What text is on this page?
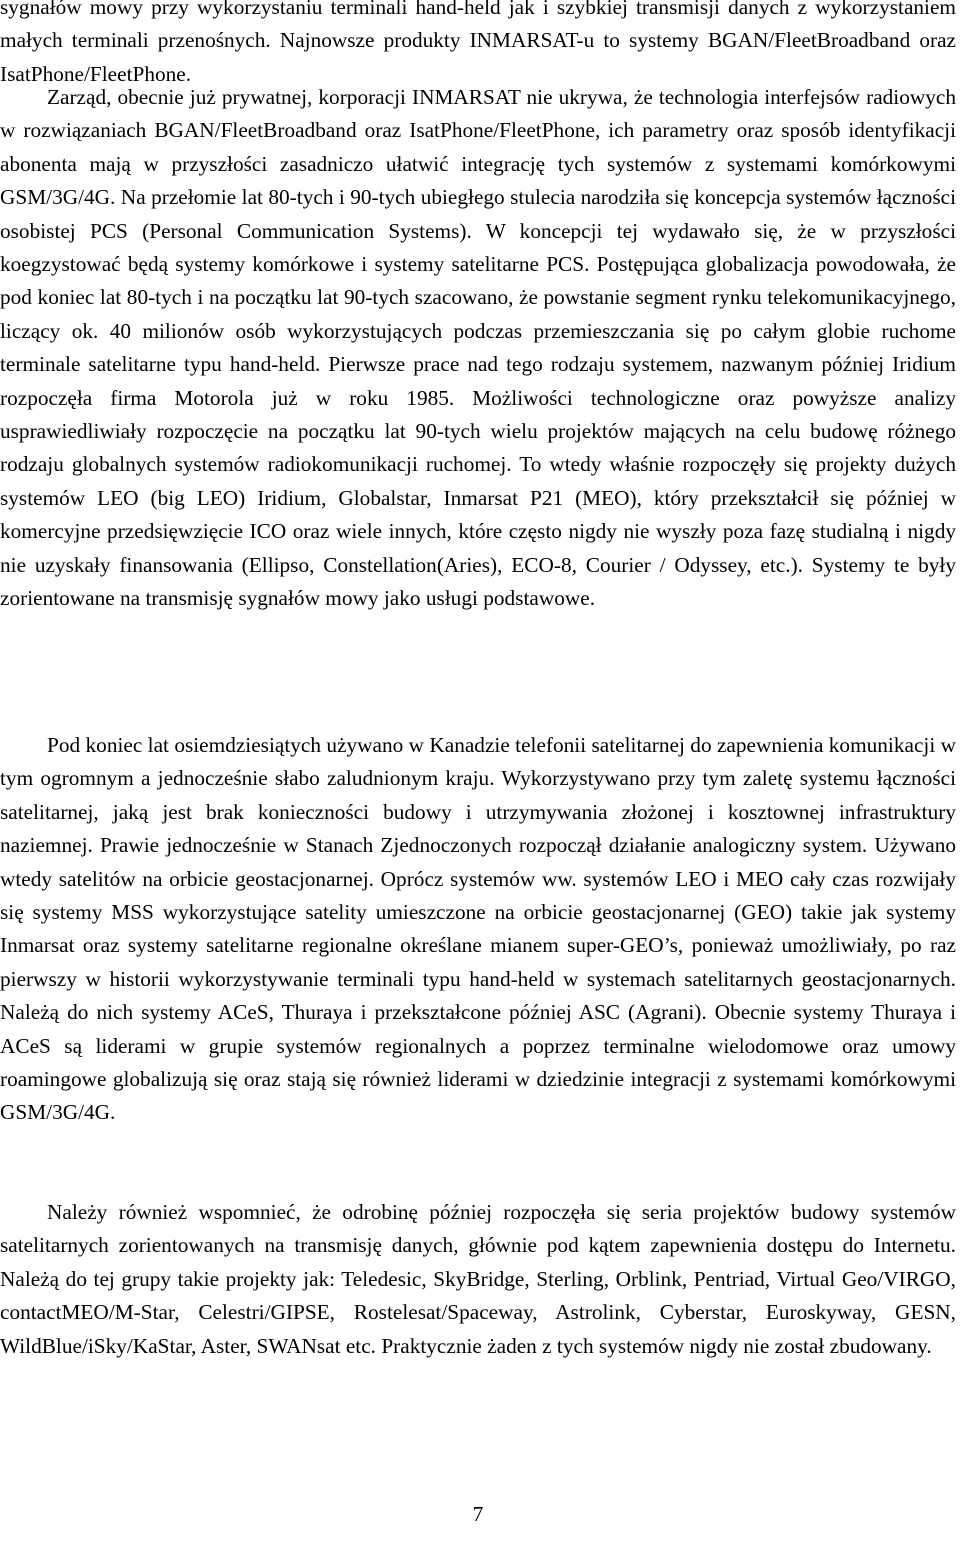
sygnałów mowy przy wykorzystaniu terminali hand-held jak i szybkiej transmisji danych z wykorzystaniem małych terminali przenośnych. Najnowsze produkty INMARSAT-u to systemy BGAN/FleetBroadband oraz IsatPhone/FleetPhone.

Zarząd, obecnie już prywatnej, korporacji INMARSAT nie ukrywa, że technologia interfejsów radiowych w rozwiązaniach BGAN/FleetBroadband oraz IsatPhone/FleetPhone, ich parametry oraz sposób identyfikacji abonenta mają w przyszłości zasadniczo ułatwić integrację tych systemów z systemami komórkowymi GSM/3G/4G. Na przełomie lat 80-tych i 90-tych ubiegłego stulecia narodziła się koncepcja systemów łączności osobistej PCS (Personal Communication Systems). W koncepcji tej wydawało się, że w przyszłości koegzystować będą systemy komórkowe i systemy satelitarne PCS. Postępująca globalizacja powodowała, że pod koniec lat 80-tych i na początku lat 90-tych szacowano, że powstanie segment rynku telekomunikacyjnego, liczący ok. 40 milionów osób wykorzystujących podczas przemieszczania się po całym globie ruchome terminale satelitarne typu hand-held. Pierwsze prace nad tego rodzaju systemem, nazwanym później Iridium rozpoczęła firma Motorola już w roku 1985. Możliwości technologiczne oraz powyższe analizy usprawiedliwiały rozpoczęcie na początku lat 90-tych wielu projektów mających na celu budowę różnego rodzaju globalnych systemów radiokomunikacji ruchomej. To wtedy właśnie rozpoczęły się projekty dużych systemów LEO (big LEO) Iridium, Globalstar, Inmarsat P21 (MEO), który przekształcił się później w komercyjne przedsięwzięcie ICO oraz wiele innych, które często nigdy nie wyszły poza fazę studialną i nigdy nie uzyskały finansowania (Ellipso, Constellation(Aries), ECO-8, Courier / Odyssey, etc.). Systemy te były zorientowane na transmisję sygnałów mowy jako usługi podstawowe.

Pod koniec lat osiemdziesiątych używano w Kanadzie telefonii satelitarnej do zapewnienia komunikacji w tym ogromnym a jednocześnie słabo zaludnionym kraju. Wykorzystywano przy tym zaletę systemu łączności satelitarnej, jaką jest brak konieczności budowy i utrzymywania złożonej i kosztownej infrastruktury naziemnej. Prawie jednocześnie w Stanach Zjednoczonych rozpoczął działanie analogiczny system. Używano wtedy satelitów na orbicie geostacjonarnej. Oprócz systemów ww. systemów LEO i MEO cały czas rozwijały się systemy MSS wykorzystujące satelity umieszczone na orbicie geostacjonarnej (GEO) takie jak systemy Inmarsat oraz systemy satelitarne regionalne określane mianem super-GEO’s, ponieważ umożliwiały, po raz pierwszy w historii wykorzystywanie terminali typu hand-held w systemach satelitarnych geostacjonarnych. Należą do nich systemy ACeS, Thuraya i przekształcone później ASC (Agrani). Obecnie systemy Thuraya i ACeS są liderami w grupie systemów regionalnych a poprzez terminalne wielodomowe oraz umowy roamingowe globalizują się oraz stają się również liderami w dziedzinie integracji z systemami komórkowymi GSM/3G/4G.

Należy również wspomnieć, że odrobinę później rozpoczęła się seria projektów budowy systemów satelitarnych zorientowanych na transmisję danych, głównie pod kątem zapewnienia dostępu do Internetu. Należą do tej grupy takie projekty jak: Teledesic, SkyBridge, Sterling, Orblink, Pentriad, Virtual Geo/VIRGO, contactMEO/M-Star, Celestri/GIPSE, Rostelesat/Spaceway, Astrolink, Cyberstar, Euroskyway, GESN, WildBlue/iSky/KaStar, Aster, SWANsat etc. Praktycznie żaden z tych systemów nigdy nie został zbudowany.

7
